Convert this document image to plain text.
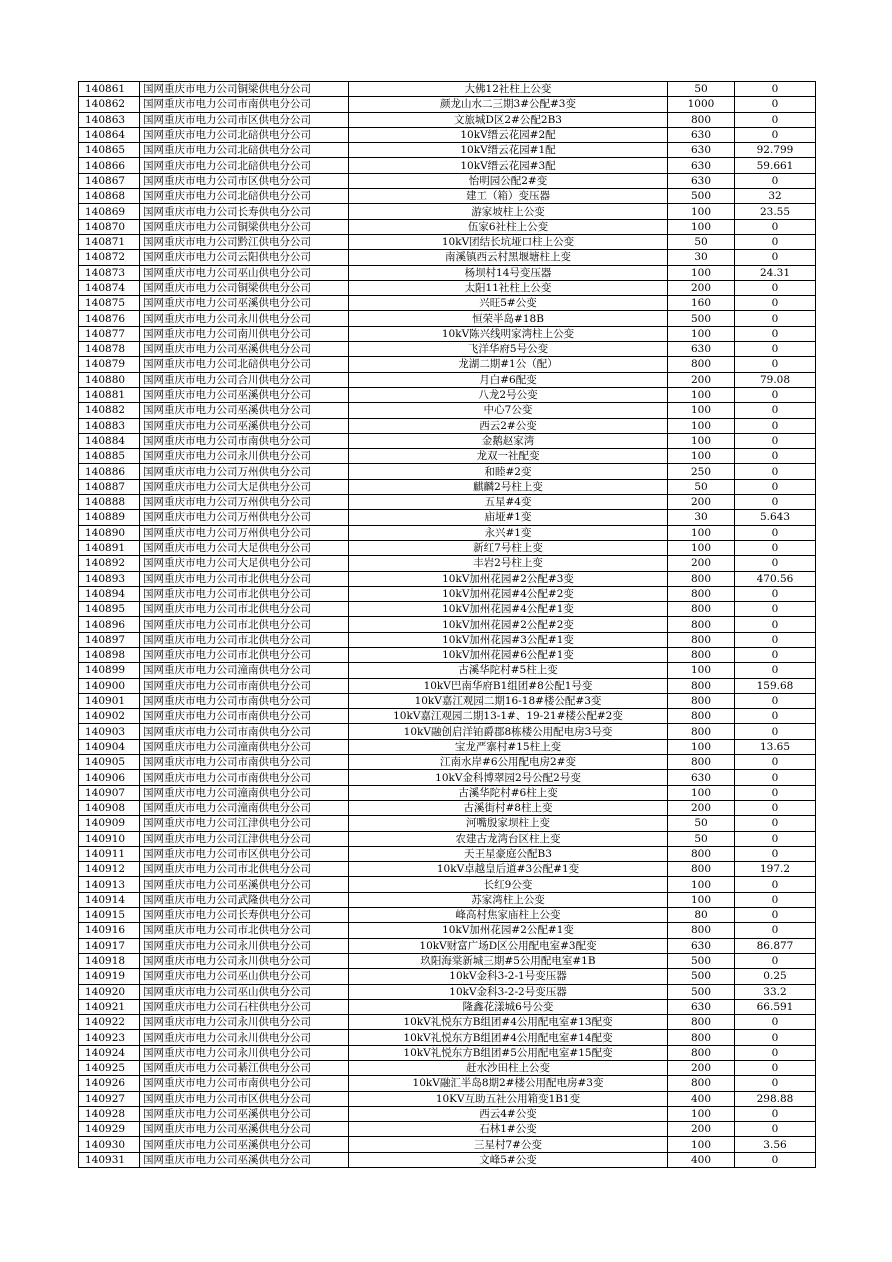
140861	国网重庆市电力公司铜梁供电分公司	大佛12社柱上公变	50	0
140862	国网重庆市电力公司市南供电分公司	颜龙山水二三期3#公配#3变	1000	0
140863	国网重庆市电力公司市区供电分公司	文旅城D区2#公配2B3	800	0
140864	国网重庆市电力公司北碚供电分公司	10kV缙云花园#2配	630	0
140865	国网重庆市电力公司北碚供电分公司	10kV缙云花园#1配	630	92.799
140866	国网重庆市电力公司北碚供电分公司	10kV缙云花园#3配	630	59.661
140867	国网重庆市电力公司市区供电分公司	怡明园公配2#变	630	0
140868	国网重庆市电力公司北碚供电分公司	建工（箱）变压器	500	32
140869	国网重庆市电力公司长寿供电分公司	游家坡柱上公变	100	23.55
140870	国网重庆市电力公司铜梁供电分公司	伍家6社柱上公变	100	0
140871	国网重庆市电力公司黔江供电分公司	10kV团结长坑垭口柱上公变	50	0
140872	国网重庆市电力公司云阳供电分公司	南溪镇西云村黑堰塘柱上变	30	0
140873	国网重庆市电力公司巫山供电分公司	杨坝村14号变压器	100	24.31
140874	国网重庆市电力公司铜梁供电分公司	太阳11社柱上公变	200	0
140875	国网重庆市电力公司巫溪供电分公司	兴旺5#公变	160	0
140876	国网重庆市电力公司永川供电分公司	恒荣半岛#18B	500	0
140877	国网重庆市电力公司南川供电分公司	10kV陈兴线明家湾柱上公变	100	0
140878	国网重庆市电力公司巫溪供电分公司	飞洋华府5号公变	630	0
140879	国网重庆市电力公司北碚供电分公司	龙湖二期#1公（配）	800	0
140880	国网重庆市电力公司合川供电分公司	月白#6配变	200	79.08
140881	国网重庆市电力公司巫溪供电分公司	八龙2号公变	100	0
140882	国网重庆市电力公司巫溪供电分公司	中心7公变	100	0
140883	国网重庆市电力公司巫溪供电分公司	西云2#公变	100	0
140884	国网重庆市电力公司市南供电分公司	金鹅赵家湾	100	0
140885	国网重庆市电力公司永川供电分公司	龙双一社配变	100	0
140886	国网重庆市电力公司万州供电分公司	和睦#2变	250	0
140887	国网重庆市电力公司大足供电分公司	麒麟2号柱上变	50	0
140888	国网重庆市电力公司万州供电分公司	五星#4变	200	0
140889	国网重庆市电力公司万州供电分公司	庙垭#1变	30	5.643
140890	国网重庆市电力公司万州供电分公司	永兴#1变	100	0
140891	国网重庆市电力公司大足供电分公司	新红7号柱上变	100	0
140892	国网重庆市电力公司大足供电分公司	丰岩2号柱上变	200	0
140893	国网重庆市电力公司市北供电分公司	10kV加州花园#2公配#3变	800	470.56
140894	国网重庆市电力公司市北供电分公司	10kV加州花园#4公配#2变	800	0
140895	国网重庆市电力公司市北供电分公司	10kV加州花园#4公配#1变	800	0
140896	国网重庆市电力公司市北供电分公司	10kV加州花园#2公配#2变	800	0
140897	国网重庆市电力公司市北供电分公司	10kV加州花园#3公配#1变	800	0
140898	国网重庆市电力公司市北供电分公司	10kV加州花园#6公配#1变	800	0
140899	国网重庆市电力公司潼南供电分公司	古溪华陀村#5柱上变	100	0
140900	国网重庆市电力公司市南供电分公司	10kV巴南华府B1组团#8公配1号变	800	159.68
140901	国网重庆市电力公司市南供电分公司	10kV嘉江观园二期16-18#楼公配#3变	800	0
140902	国网重庆市电力公司市南供电分公司	10kV嘉江观园二期13-1#、19-21#楼公配#2变	800	0
140903	国网重庆市电力公司市南供电分公司	10kV融创启洋铂爵郡8栋楼公用配电房3号变	800	0
140904	国网重庆市电力公司潼南供电分公司	宝龙严寨村#15柱上变	100	13.65
140905	国网重庆市电力公司市南供电分公司	江南水岸#6公用配电房2#变	800	0
140906	国网重庆市电力公司市南供电分公司	10kV金科博翠园2号公配2号变	630	0
140907	国网重庆市电力公司潼南供电分公司	古溪华陀村#6柱上变	100	0
140908	国网重庆市电力公司潼南供电分公司	古溪街村#8柱上变	200	0
140909	国网重庆市电力公司江津供电分公司	河嘴殷家坝柱上变	50	0
140910	国网重庆市电力公司江津供电分公司	农建古龙湾台区柱上变	50	0
140911	国网重庆市电力公司市区供电分公司	天王星豪庭公配B3	800	0
140912	国网重庆市电力公司市北供电分公司	10kV卓越皇后道#3公配#1变	800	197.2
140913	国网重庆市电力公司巫溪供电分公司	长红9公变	100	0
140914	国网重庆市电力公司武隆供电分公司	苏家湾柱上公变	100	0
140915	国网重庆市电力公司长寿供电分公司	峰高村焦家庙柱上公变	80	0
140916	国网重庆市电力公司市北供电分公司	10kV加州花园#2公配#1变	800	0
140917	国网重庆市电力公司永川供电分公司	10kV财富广场D区公用配电室#3配变	630	86.877
140918	国网重庆市电力公司永川供电分公司	玖阳海棠新城三期#5公用配电室#1B	500	0
140919	国网重庆市电力公司巫山供电分公司	10kV金科3-2-1号变压器	500	0.25
140920	国网重庆市电力公司巫山供电分公司	10kV金科3-2-2号变压器	500	33.2
140921	国网重庆市电力公司石柱供电分公司	隆鑫花漾城6号公变	630	66.591
140922	国网重庆市电力公司永川供电分公司	10kV礼悦东方B组团#4公用配电室#13配变	800	0
140923	国网重庆市电力公司永川供电分公司	10kV礼悦东方B组团#4公用配电室#14配变	800	0
140924	国网重庆市电力公司永川供电分公司	10kV礼悦东方B组团#5公用配电室#15配变	800	0
140925	国网重庆市电力公司綦江供电分公司	赶水沙田柱上公变	200	0
140926	国网重庆市电力公司市南供电分公司	10kV融汇半岛8期2#楼公用配电房#3变	800	0
140927	国网重庆市电力公司市区供电分公司	10KV互助五社公用箱变1B1变	400	298.88
140928	国网重庆市电力公司巫溪供电分公司	西云4#公变	100	0
140929	国网重庆市电力公司巫溪供电分公司	石林1#公变	200	0
140930	国网重庆市电力公司巫溪供电分公司	三星村7#公变	100	3.56
140931	国网重庆市电力公司巫溪供电分公司	文峰5#公变	400	0
